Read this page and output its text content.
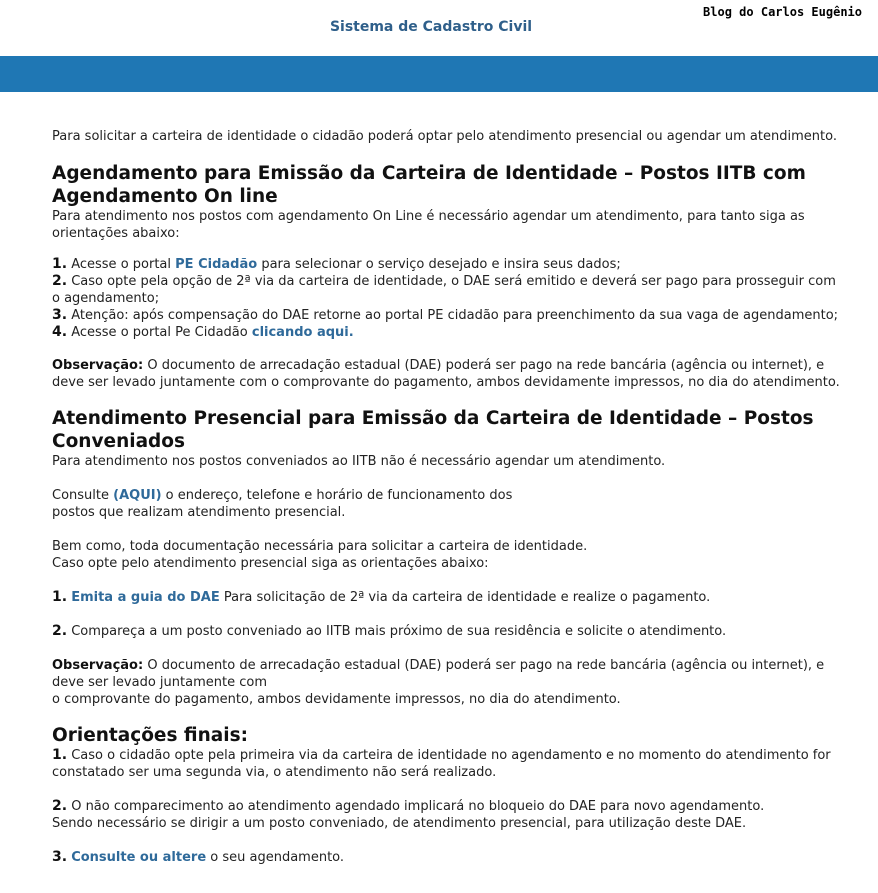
Sistema de Cadastro Civil
Blog do Carlos Eugênio

Para solicitar a carteira de identidade o cidadão poderá optar pelo atendimento presencial ou agendar um atendimento.

Agendamento para Emissão da Carteira de Identidade – Postos IITB com Agendamento On line

Para atendimento nos postos com agendamento On Line é necessário agendar um atendimento, para tanto siga as orientações abaixo:

1. Acesse o portal PE Cidadão para selecionar o serviço desejado e insira seus dados;

2. Caso opte pela opção de 2ª via da carteira de identidade, o DAE será emitido e deverá ser pago para prosseguir com o agendamento;

3. Atenção: após compensação do DAE retorne ao portal PE cidadão para preenchimento da sua vaga de agendamento;

4. Acesse o portal Pe Cidadão clicando aqui.

Observação: O documento de arrecadação estadual (DAE) poderá ser pago na rede bancária (agência ou internet), e deve ser levado juntamente com o comprovante do pagamento, ambos devidamente impressos, no dia do atendimento.

Atendimento Presencial para Emissão da Carteira de Identidade – Postos Conveniados

Para atendimento nos postos conveniados ao IITB não é necessário agendar um atendimento.

Consulte (AQUI) o endereço, telefone e horário de funcionamento dos

postos que realizam atendimento presencial.

Bem como, toda documentação necessária para solicitar a carteira de identidade.

Caso opte pelo atendimento presencial siga as orientações abaixo:

1. Emita a guia do DAE Para solicitação de 2ª via da carteira de identidade e realize o pagamento.

2. Compareça a um posto conveniado ao IITB mais próximo de sua residência e solicite o atendimento.

Observação: O documento de arrecadação estadual (DAE) poderá ser pago na rede bancária (agência ou internet), e deve ser levado juntamente com

o comprovante do pagamento, ambos devidamente impressos, no dia do atendimento.

Orientações finais:

1. Caso o cidadão opte pela primeira via da carteira de identidade no agendamento e no momento do atendimento for constatado ser uma segunda via, o atendimento não será realizado.

2. O não comparecimento ao atendimento agendado implicará no bloqueio do DAE para novo agendamento.

Sendo necessário se dirigir a um posto conveniado, de atendimento presencial, para utilização deste DAE.

3. Consulte ou altere o seu agendamento.
